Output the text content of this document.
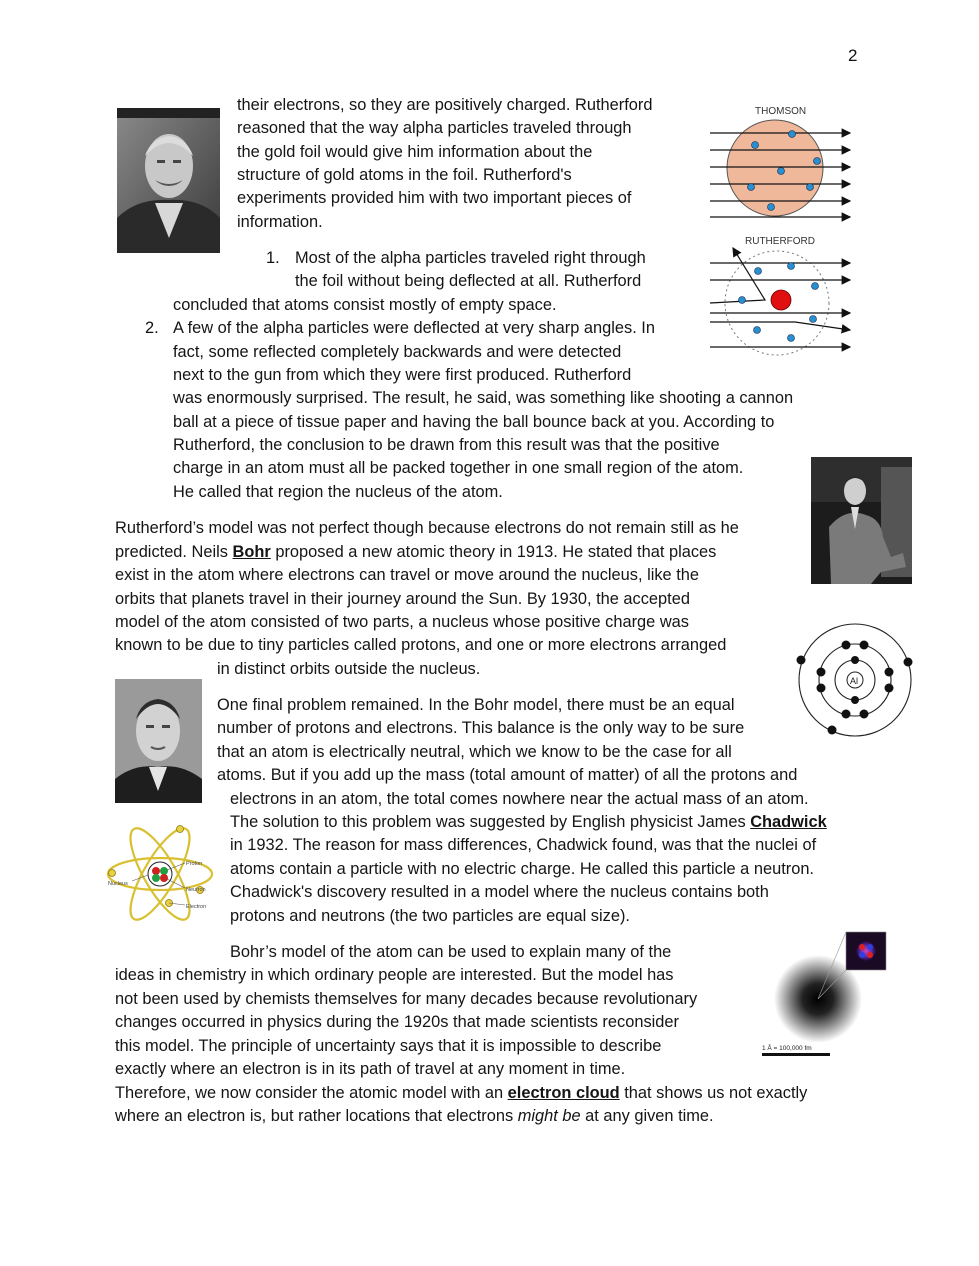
2
THOMSON
RUTHERFORD
their electrons, so they are positively charged. Rutherford
reasoned that the way alpha particles traveled through
the gold foil would give him information about the
structure of gold atoms in the foil. Rutherford's
experiments provided him with two important pieces of
information.
1. Most of the alpha particles traveled right through
the foil without being deflected at all. Rutherford
concluded that atoms consist mostly of empty space.
2. A few of the alpha particles were deflected at very sharp angles. In
fact, some reflected completely backwards and were detected
next to the gun from which they were first produced. Rutherford
was enormously surprised. The result, he said, was something like shooting a cannon
ball at a piece of tissue paper and having the ball bounce back at you. According to
Rutherford, the conclusion to be drawn from this result was that the positive
charge in an atom must all be packed together in one small region of the atom.
He called that region the nucleus of the atom.
Rutherford’s model was not perfect though because electrons do not remain still as he
predicted. Neils Bohr proposed a new atomic theory in 1913. He stated that places
exist in the atom where electrons can travel or move around the nucleus, like the
orbits that planets travel in their journey around the Sun. By 1930, the accepted
model of the atom consisted of two parts, a nucleus whose positive charge was
known to be due to tiny particles called protons, and one or more electrons arranged
in distinct orbits outside the nucleus.
Al
One final problem remained. In the Bohr model, there must be an equal
number of protons and electrons. This balance is the only way to be sure
that an atom is electrically neutral, which we know to be the case for all
atoms. But if you add up the mass (total amount of matter) of all the protons and
electrons in an atom, the total comes nowhere near the actual mass of an atom.
The solution to this problem was suggested by English physicist James Chadwick
in 1932. The reason for mass differences, Chadwick found, was that the nuclei of
atoms contain a particle with no electric charge. He called this particle a neutron.
Chadwick's discovery resulted in a model where the nucleus contains both
protons and neutrons (the two particles are equal size).
Proton
Nucleus
Neutron
Electron
Bohr’s model of the atom can be used to explain many of the
ideas in chemistry in which ordinary people are interested. But the model has
not been used by chemists themselves for many decades because revolutionary
changes occurred in physics during the 1920s that made scientists reconsider
this model. The principle of uncertainty says that it is impossible to describe
exactly where an electron is in its path of travel at any moment in time.
Therefore, we now consider the atomic model with an electron cloud that shows us not exactly
where an electron is, but rather locations that electrons might be at any given time.
1 Å = 100,000 fm
